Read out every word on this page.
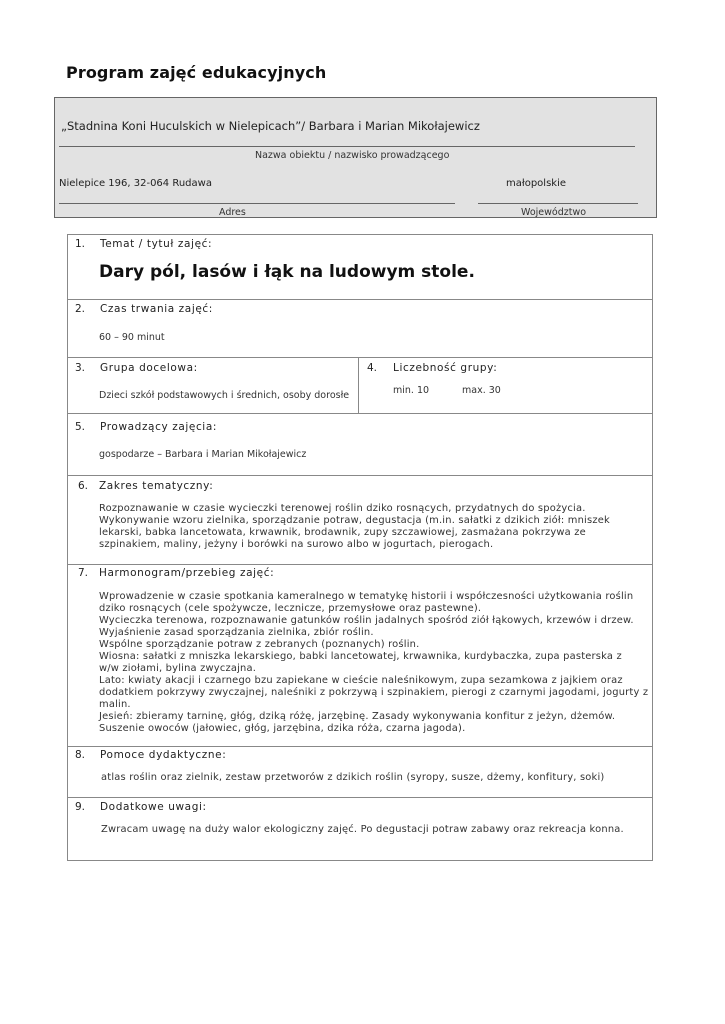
Program zajęć edukacyjnych
„Stadnina Koni Huculskich w Nielepicach”/ Barbara i Marian Mikołajewicz
Nazwa obiektu / nazwisko prowadzącego
Nielepice 196, 32-064 Rudawa	małopolskie
Adres	Województwo
1. Temat / tytuł zajęć:
Dary pól, lasów i łąk na ludowym stole.
2. Czas trwania zajęć:
60 – 90 minut
3. Grupa docelowa:
Dzieci szkół podstawowych i średnich, osoby dorosłe
4. Liczebność grupy:
min. 10	max. 30
5. Prowadzący zajęcia:
gospodarze – Barbara i Marian Mikołajewicz
6. Zakres tematyczny:
Rozpoznawanie w czasie wycieczki terenowej roślin dziko rosnących, przydatnych do spożycia.
Wykonywanie wzoru zielnika, sporządzanie potraw, degustacja (m.in. sałatki z dzikich ziół: mniszek
lekarski, babka lancetowata, krwawnik, brodawnik, zupy szczawiowej, zasmażana pokrzywa ze
szpinakiem, maliny, jeżyny i borówki na surowo albo w jogurtach, pierogach.
7. Harmonogram/przebieg zajęć:
Wprowadzenie w czasie spotkania kameralnego w tematykę historii i współczesności użytkowania roślin
dziko rosnących (cele spożywcze, lecznicze, przemysłowe oraz pastewne).
Wycieczka terenowa, rozpoznawanie gatunków roślin jadalnych spośród ziół łąkowych, krzewów i drzew.
Wyjaśnienie zasad sporządzania zielnika, zbiór roślin.
Wspólne sporządzanie potraw z zebranych (poznanych) roślin.
Wiosna: sałatki z mniszka lekarskiego, babki lancetowatej, krwawnika, kurdybaczka, zupa pasterska z
w/w ziołami, bylina zwyczajna.
Lato: kwiaty akacji i czarnego bzu zapiekane w cieście naleśnikowym, zupa sezamkowa z jajkiem oraz
dodatkiem pokrzywy zwyczajnej, naleśniki z pokrzywą i szpinakiem, pierogi z czarnymi jagodami, jogurty z
malin.
Jesień: zbieramy tarninę, głóg, dziką różę, jarzębinę. Zasady wykonywania konfitur z jeżyn, dżemów.
Suszenie owoców (jałowiec, głóg, jarzębina, dzika róża, czarna jagoda).
8. Pomoce dydaktyczne:
atlas roślin oraz zielnik, zestaw przetworów z dzikich roślin (syropy, susze, dżemy, konfitury, soki)
9. Dodatkowe uwagi:
Zwracam uwagę na duży walor ekologiczny zajęć. Po degustacji potraw zabawy oraz rekreacja konna.
